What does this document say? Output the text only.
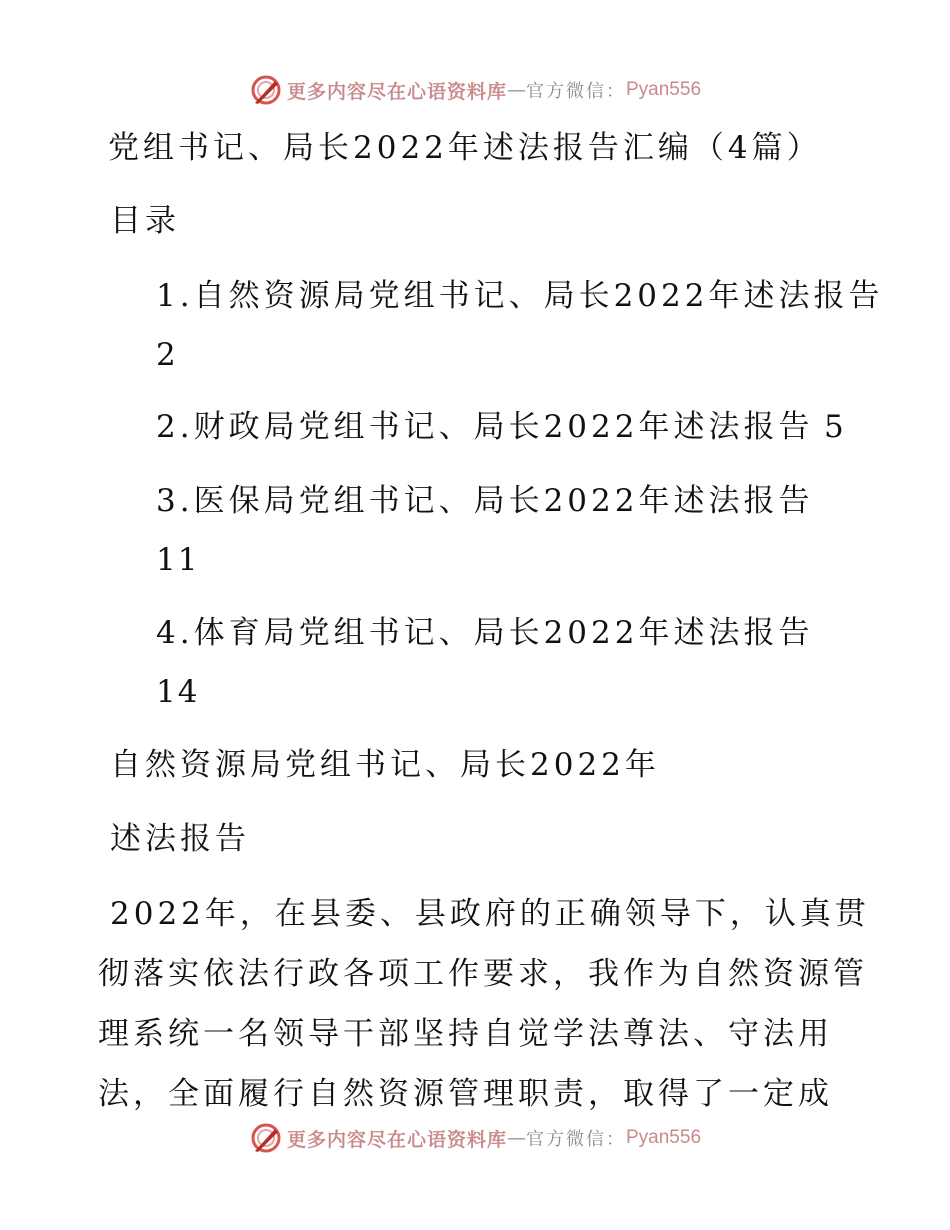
更多内容尽在心语资料库 — 官方微信： Pyan556
党组书记、局长2022年述法报告汇编（4篇）
目录
1.自然资源局党组书记、局长2022年述法报告
2
2.财政局党组书记、局长2022年述法报告 5
3.医保局党组书记、局长2022年述法报告
11
4.体育局党组书记、局长2022年述法报告
14
自然资源局党组书记、局长2022年
述法报告
2022年，在县委、县政府的正确领导下，认真贯
彻落实依法行政各项工作要求，我作为自然资源管
理系统一名领导干部坚持自觉学法尊法、守法用
法，全面履行自然资源管理职责，取得了一定成
更多内容尽在心语资料库 — 官方微信： Pyan556
